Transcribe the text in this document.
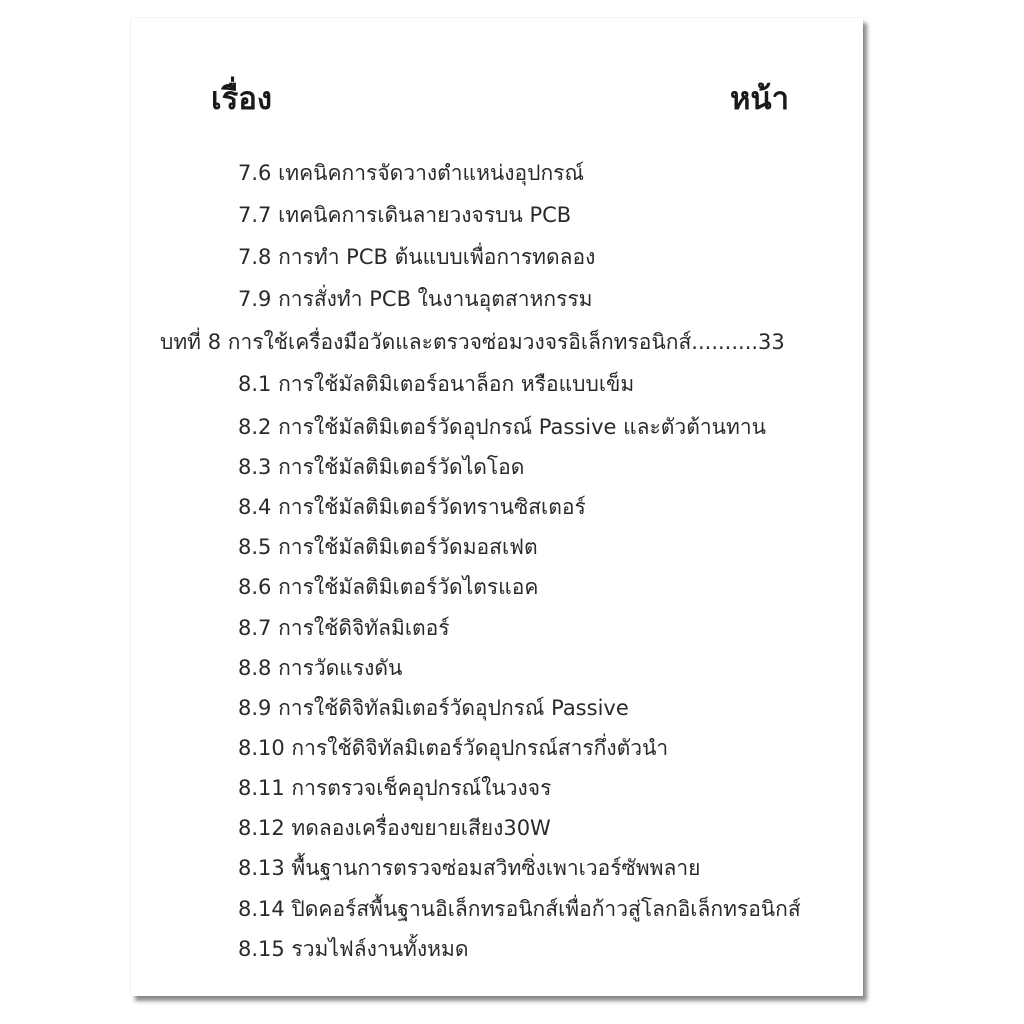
เรื่อง	หน้า
7.6 เทคนิคการจัดวางตำแหน่งอุปกรณ์
7.7 เทคนิคการเดินลายวงจรบน PCB
7.8 การทำ PCB ต้นแบบเพื่อการทดลอง
7.9 การสั่งทำ PCB ในงานอุตสาหกรรม
บทที่ 8 การใช้เครื่องมือวัดและตรวจซ่อมวงจรอิเล็กทรอนิกส์..........33
8.1 การใช้มัลติมิเตอร์อนาล็อก หรือแบบเข็ม
8.2 การใช้มัลติมิเตอร์วัดอุปกรณ์ Passive และตัวต้านทาน
8.3 การใช้มัลติมิเตอร์วัดไดโอด
8.4 การใช้มัลติมิเตอร์วัดทรานซิสเตอร์
8.5 การใช้มัลติมิเตอร์วัดมอสเฟต
8.6 การใช้มัลติมิเตอร์วัดไตรแอค
8.7 การใช้ดิจิทัลมิเตอร์
8.8 การวัดแรงดัน
8.9 การใช้ดิจิทัลมิเตอร์วัดอุปกรณ์ Passive
8.10 การใช้ดิจิทัลมิเตอร์วัดอุปกรณ์สารกึ่งตัวนำ
8.11 การตรวจเช็คอุปกรณ์ในวงจร
8.12 ทดลองเครื่องขยายเสียง30W
8.13 พื้นฐานการตรวจซ่อมสวิทซิ่งเพาเวอร์ซัพพลาย
8.14 ปิดคอร์สพื้นฐานอิเล็กทรอนิกส์เพื่อก้าวสู่โลกอิเล็กทรอนิกส์
8.15 รวมไฟล์งานทั้งหมด
